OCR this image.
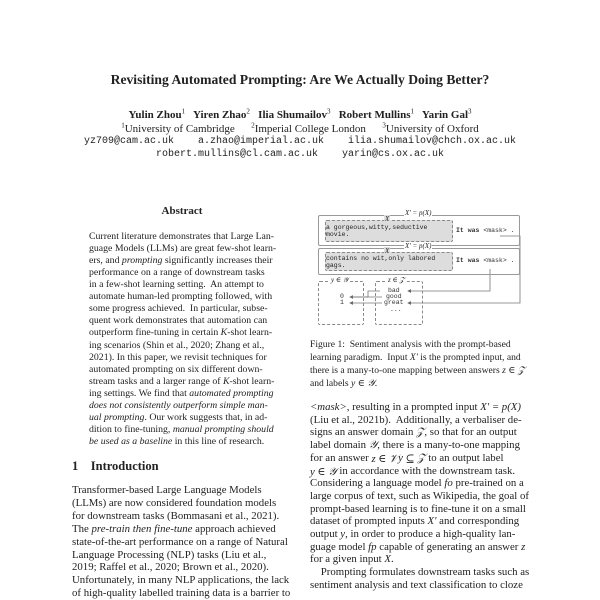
Revisiting Automated Prompting: Are We Actually Doing Better?
Yulin Zhou$^1$ Yiren Zhao$^2$ Ilia Shumailov$^3$ Robert Mullins$^1$ Yarin Gal$^3$
$^1$University of Cambridge $^2$Imperial College London $^3$University of Oxford
yz709@cam.ac.uk a.zhao@imperial.ac.uk ilia.shumailov@chch.ox.ac.uk
robert.mullins@cl.cam.ac.uk yarin@cs.ox.ac.uk
Abstract
Current literature demonstrates that Large Lan-
guage Models (LLMs) are great few-shot learn-
ers, and prompting significantly increases their
performance on a range of downstream tasks
in a few-shot learning setting.  An attempt to
automate human-led prompting followed, with
some progress achieved.  In particular, subse-
quent work demonstrates that automation can
outperform fine-tuning in certain K -shot learn-
ing scenarios (Shin et al., 2020; Zhang et al.,
2021). In this paper, we revisit techniques for
automated prompting on six different down-
stream tasks and a larger range of K -shot learn-
ing settings. We find that automated prompting
does not consistently outperform simple man-
ual prompting . Our work suggests that, in ad-
dition to fine-tuning, manual prompting should
be used as a baseline in this line of research.
1 Introduction
Transformer-based Large Language Models
(LLMs) are now considered foundation models
for downstream tasks (Bommasani et al., 2021).
The pre-train then fine-tune approach achieved
state-of-the-art performance on a range of Natural
Language Processing (NLP) tasks (Liu et al.,
2019; Raffel et al., 2020; Brown et al., 2020).
Unfortunately, in many NLP applications, the lack
of high-quality labelled training data is a barrier to
X' = p(X)
a gorgeous,witty,seductive movie.
X
It was <mask> .
X' = p(X)
contains no wit,only labored gags.
X
It was <mask> .
y ∈ 𝒴
0
1
z ∈ 𝒵
bad
good
great
...
Figure 1:  Sentiment analysis with the prompt-based
learning paradigm.  Input X' is the prompted input, and
there is a many-to-one mapping between answers z ∈ 𝒵
and labels y ∈ 𝒴 .
<mask> , resulting in a prompted input X' = p(X)
(Liu et al., 2021b).  Additionally, a verbaliser de-
signs an answer domain 𝒵 , so that for an output
label domain 𝒴 , there is a many-to-one mapping
for an answer z ∈ 𝒱 y ⊆ 𝒵 to an output label
y ∈ 𝒴 in accordance with the downstream task.
Considering a language model f o pre-trained on a
large corpus of text, such as Wikipedia, the goal of
prompt-based learning is to fine-tune it on a small
dataset of prompted inputs X' and corresponding
output y , in order to produce a high-quality lan-
guage model f p capable of generating an answer z
for a given input X .
Prompting formulates downstream tasks such as
sentiment analysis and text classification to cloze
